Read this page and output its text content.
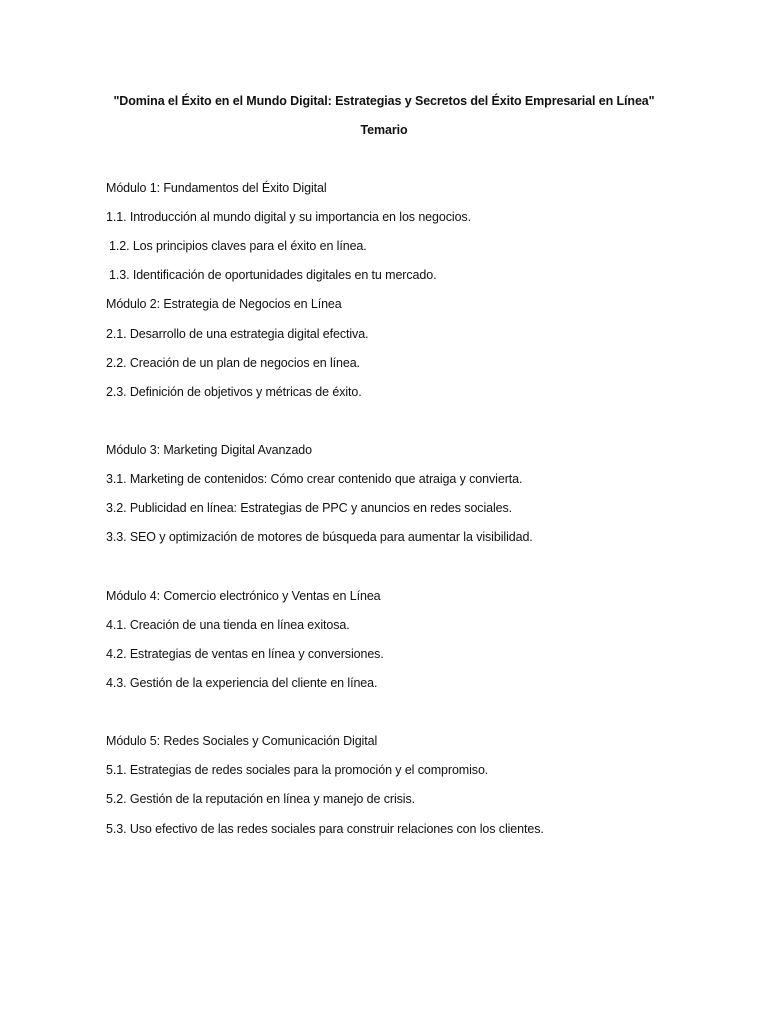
"Domina el Éxito en el Mundo Digital: Estrategias y Secretos del Éxito Empresarial en Línea"
Temario
Módulo 1: Fundamentos del Éxito Digital
1.1. Introducción al mundo digital y su importancia en los negocios.
1.2. Los principios claves para el éxito en línea.
1.3. Identificación de oportunidades digitales en tu mercado.
Módulo 2: Estrategia de Negocios en Línea
2.1. Desarrollo de una estrategia digital efectiva.
2.2. Creación de un plan de negocios en línea.
2.3. Definición de objetivos y métricas de éxito.
Módulo 3: Marketing Digital Avanzado
3.1. Marketing de contenidos: Cómo crear contenido que atraiga y convierta.
3.2. Publicidad en línea: Estrategias de PPC y anuncios en redes sociales.
3.3. SEO y optimización de motores de búsqueda para aumentar la visibilidad.
Módulo 4: Comercio electrónico y Ventas en Línea
4.1. Creación de una tienda en línea exitosa.
4.2. Estrategias de ventas en línea y conversiones.
4.3. Gestión de la experiencia del cliente en línea.
Módulo 5: Redes Sociales y Comunicación Digital
5.1. Estrategias de redes sociales para la promoción y el compromiso.
5.2. Gestión de la reputación en línea y manejo de crisis.
5.3. Uso efectivo de las redes sociales para construir relaciones con los clientes.
